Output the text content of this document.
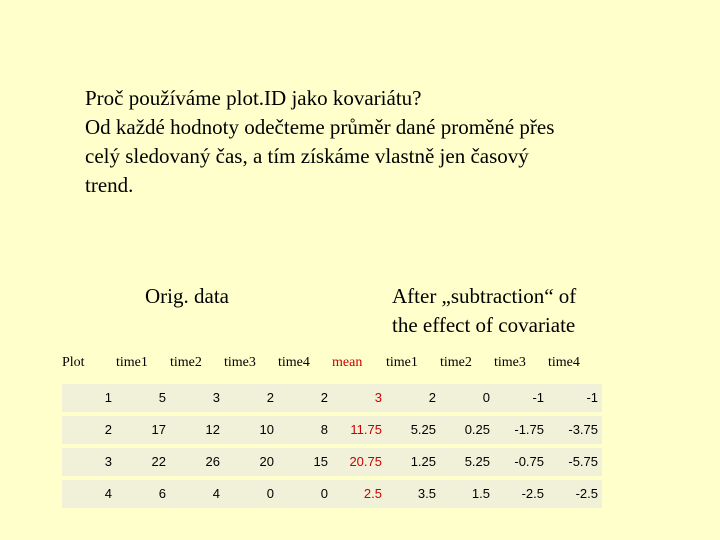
Proč používáme plot.ID jako kovariátu?
Od každé hodnoty odečteme průměr dané proměné přes
celý sledovaný čas, a tím získáme vlastně jen časový
trend.
Orig. data	After „subtraction“ of
the effect of covariate
Plot time1 time2 time3 time4 mean time1 time2 time3 time4
1	5	3	2	2	3	2	0	-1	-1
2	17	12	10	8	11.75	5.25	0.25	-1.75	-3.75
3	22	26	20	15	20.75	1.25	5.25	-0.75	-5.75
4	6	4	0	0	2.5	3.5	1.5	-2.5	-2.5
